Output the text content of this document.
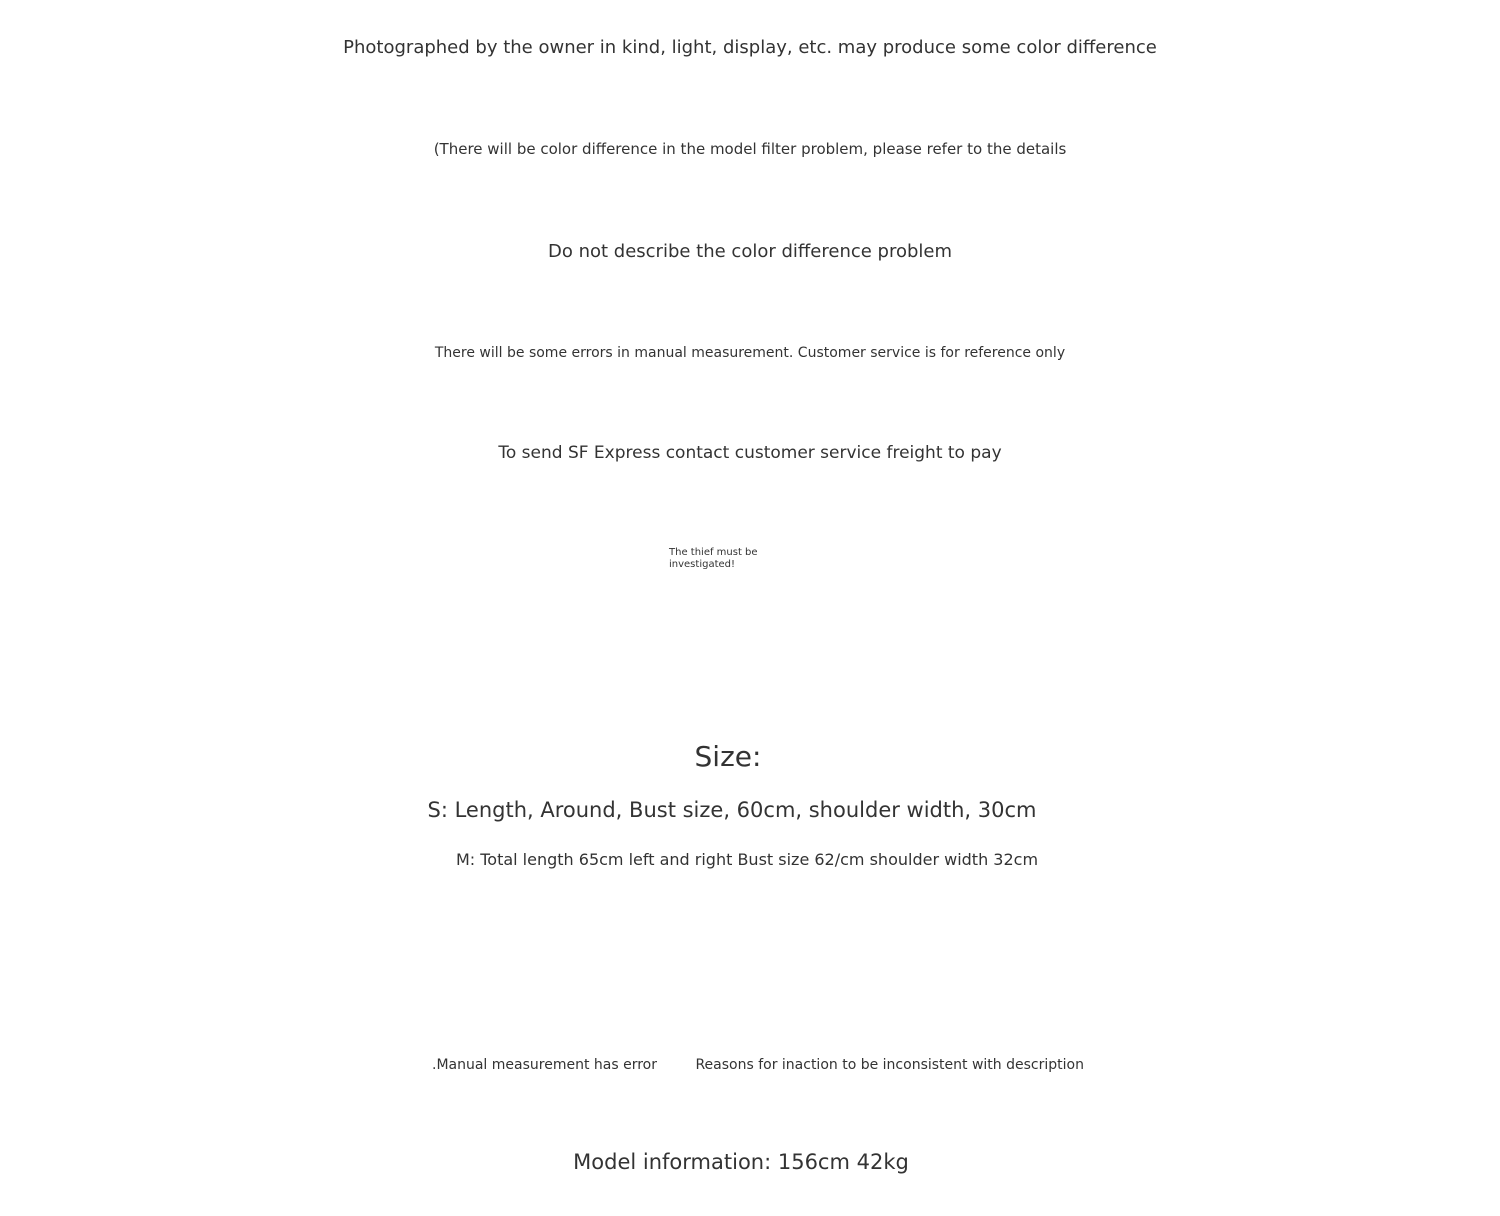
Photographed by the owner in kind, light, display, etc. may produce some color difference
(There will be color difference in the model filter problem, please refer to the details
Do not describe the color difference problem
There will be some errors in manual measurement. Customer service is for reference only
To send SF Express contact customer service freight to pay
The thief must be investigated!
Size:
S: Length, Around, Bust size, 60cm, shoulder width, 30cm
M: Total length 65cm left and right Bust size 62/cm shoulder width 32cm
.Manual measurement has error	Reasons for inaction to be inconsistent with description
Model information: 156cm 42kg
